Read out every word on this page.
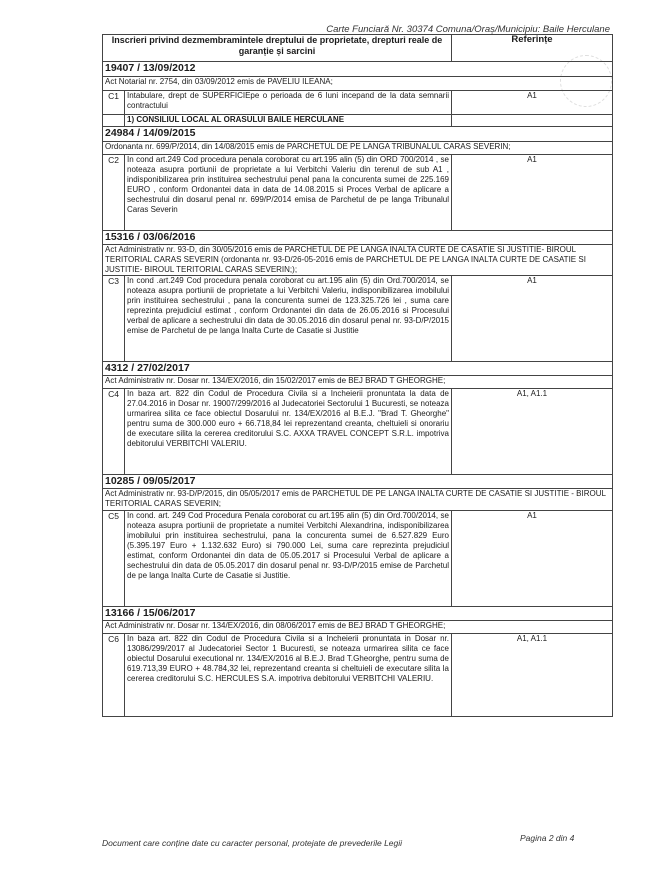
Carte Funciară Nr. 30374 Comuna/Oraș/Municipiu: Baile Herculane
Inscrieri privind dezmembramintele dreptului de proprietate, drepturi reale de garanție și sarcini		Referințe
19407 / 13/09/2012		
Act Notarial nr. 2754, din 03/09/2012 emis de PAVELIU ILEANA;		
C1	Intabulare, drept de SUPERFICIEpe o perioada de 6 luni incepand de la data semnarii contractului	A1
	1) CONSILIUL LOCAL AL ORASULUI BAILE HERCULANE	
24984 / 14/09/2015		
Ordonanta nr. 699/P/2014, din 14/08/2015 emis de PARCHETUL DE PE LANGA TRIBUNALUL CARAS SEVERIN;		
C2	In cond art.249 Cod procedura penala coroborat cu art.195 alin (5) din ORD 700/2014 , se noteaza asupra portiunii de proprietate a lui Verbitchi Valeriu din terenul de sub A1 , indisponibilizarea prin instituirea sechestrului penal pana la concurenta sumei de 225.169 EURO , conform Ordonantei data in data de 14.08.2015 si Proces Verbal de aplicare a sechestrului din dosarul penal nr. 699/P/2014 emisa de Parchetul de pe langa Tribunalul Caras Severin	A1
15316 / 03/06/2016		
Act Administrativ nr. 93-D, din 30/05/2016 emis de PARCHETUL DE PE LANGA INALTA CURTE DE CASATIE SI JUSTITIE- BIROUL TERITORIAL CARAS SEVERIN (ordonanta nr. 93-D/26-05-2016 emis de PARCHETUL DE PE LANGA INALTA CURTE DE CASATIE SI JUSTITIE- BIROUL TERITORIAL CARAS SEVERIN;);		
C3	In cond .art.249 Cod procedura penala coroborat cu art.195 alin (5) din Ord.700/2014, se noteaza asupra portiunii de proprietate a lui Verbitchi Valeriu, indisponibilizarea imobilului prin instituirea sechestrului , pana la concurenta sumei de 123.325.726 lei , suma care reprezinta prejudiciul estimat , conform Ordonantei din data de 26.05.2016 si Procesului verbal de aplicare a sechestrului din data de 30.05.2016 din dosarul penal nr. 93-D/P/2015 emise de Parchetul de pe langa Inalta Curte de Casatie si Justitie	A1
4312 / 27/02/2017		
Act Administrativ nr. Dosar nr. 134/EX/2016, din 15/02/2017 emis de BEJ BRAD T GHEORGHE;		
C4	In baza art. 822 din Codul de Procedura Civila si a Incheierii pronuntata la data de 27.04.2016 in Dosar nr. 19007/299/2016 al Judecatoriei Sectorului 1 Bucuresti, se noteaza urmarirea silita ce face obiectul Dosarului nr. 134/EX/2016 al B.E.J. "Brad T. Gheorghe" pentru suma de 300.000 euro + 66.718,84 lei reprezentand creanta, cheltuieli si onorariu de executare silita la cererea creditorului S.C. AXXA TRAVEL CONCEPT S.R.L. impotriva debitorului VERBITCHI VALERIU.	A1, A1.1
10285 / 09/05/2017		
Act Administrativ nr. 93-D/P/2015, din 05/05/2017 emis de PARCHETUL DE PE LANGA INALTA CURTE DE CASATIE SI JUSTITIE - BIROUL TERITORIAL CARAS SEVERIN;		
C5	In cond. art. 249 Cod Procedura Penala coroborat cu art.195 alin (5) din Ord.700/2014, se noteaza asupra portiunii de proprietate a numitei Verbitchi Alexandrina, indisponibilizarea imobilului prin instituirea sechestrului, pana la concurenta sumei de 6.527.829 Euro (5.395.197 Euro + 1.132.632 Euro) si 790.000 Lei, suma care reprezinta prejudiciul estimat, conform Ordonantei din data de 05.05.2017 si Procesului Verbal de aplicare a sechestrului din data de 05.05.2017 din dosarul penal nr. 93-D/P/2015 emise de Parchetul de pe langa Inalta Curte de Casatie si Justitie.	A1
13166 / 15/06/2017		
Act Administrativ nr. Dosar nr. 134/EX/2016, din 08/06/2017 emis de BEJ BRAD T GHEORGHE;		
C6	In baza art. 822 din Codul de Procedura Civila si a Incheierii pronuntata in Dosar nr. 13086/299/2017 al Judecatoriei Sector 1 Bucuresti, se noteaza urmarirea silita ce face obiectul Dosarului executional nr. 134/EX/2016 al B.E.J. Brad T.Gheorghe, pentru suma de 619.713,39 EURO + 48.784,32 lei, reprezentand creanta si cheltuieli de executare silita la cererea creditorului S.C. HERCULES S.A. impotriva debitorului VERBITCHI VALERIU.	A1, A1.1
Document care conține date cu caracter personal, protejate de prevederile Legii	Pagina 2 din 4
